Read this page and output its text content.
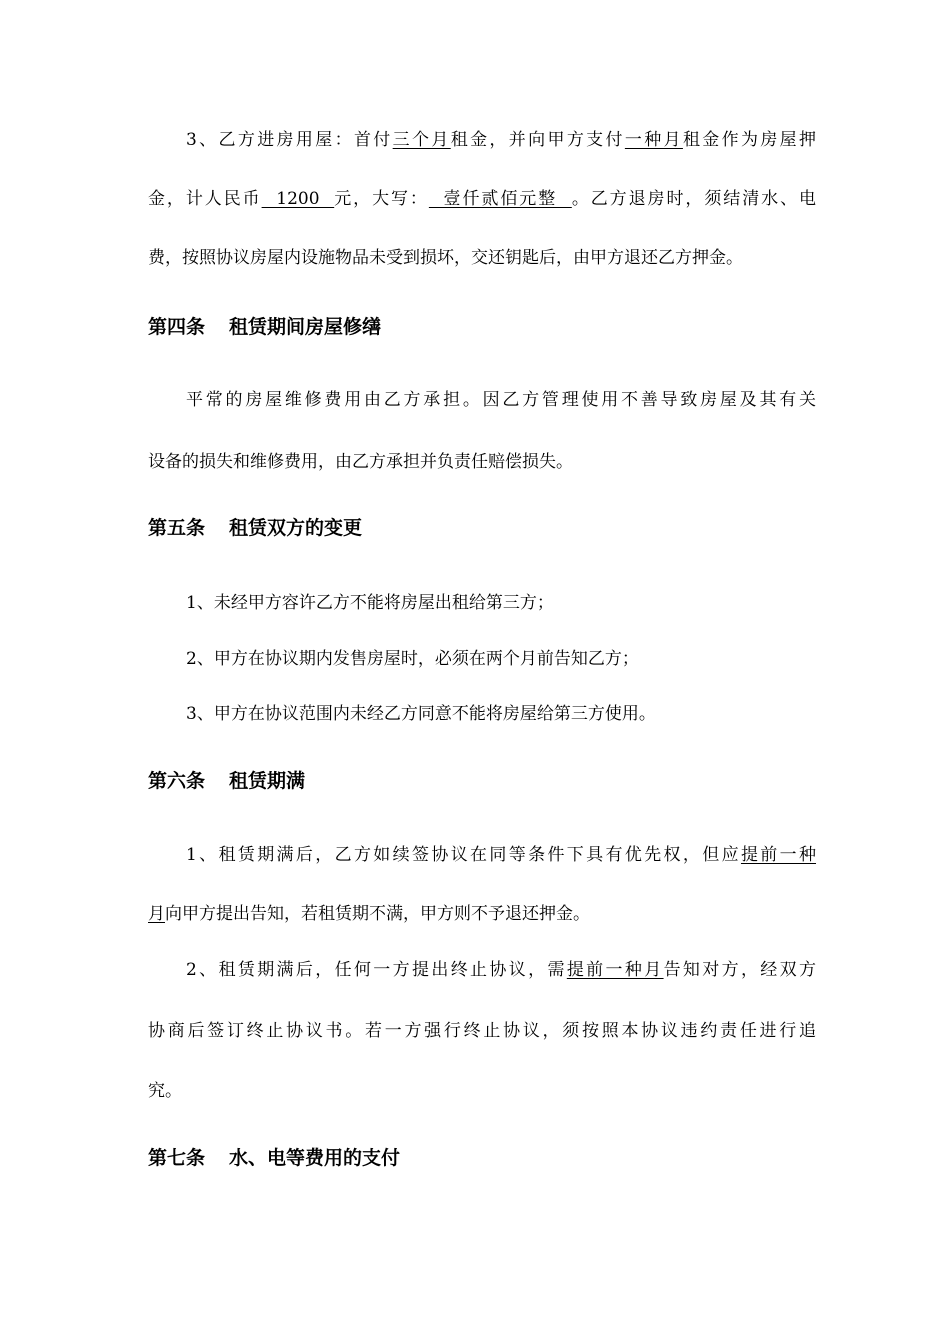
3、乙方进房用屋：首付三个月租金，并向甲方支付一种月租金作为房屋押
金，计人民币  1200  元，大写：  壹仟贰佰元整  。乙方退房时，须结清水、电
费，按照协议房屋内设施物品未受到损坏，交还钥匙后，由甲方退还乙方押金。
第四条 租赁期间房屋修缮
平常的房屋维修费用由乙方承担。因乙方管理使用不善导致房屋及其有关
设备的损失和维修费用，由乙方承担并负责任赔偿损失。
第五条 租赁双方的变更
1、未经甲方容许乙方不能将房屋出租给第三方；
2、甲方在协议期内发售房屋时，必须在两个月前告知乙方；
3、甲方在协议范围内未经乙方同意不能将房屋给第三方使用。
第六条 租赁期满
1、租赁期满后，乙方如续签协议在同等条件下具有优先权，但应提前一种
月向甲方提出告知，若租赁期不满，甲方则不予退还押金。
2、租赁期满后，任何一方提出终止协议，需提前一种月告知对方，经双方
协商后签订终止协议书。若一方强行终止协议，须按照本协议违约责任进行追
究。
第七条 水、电等费用的支付
